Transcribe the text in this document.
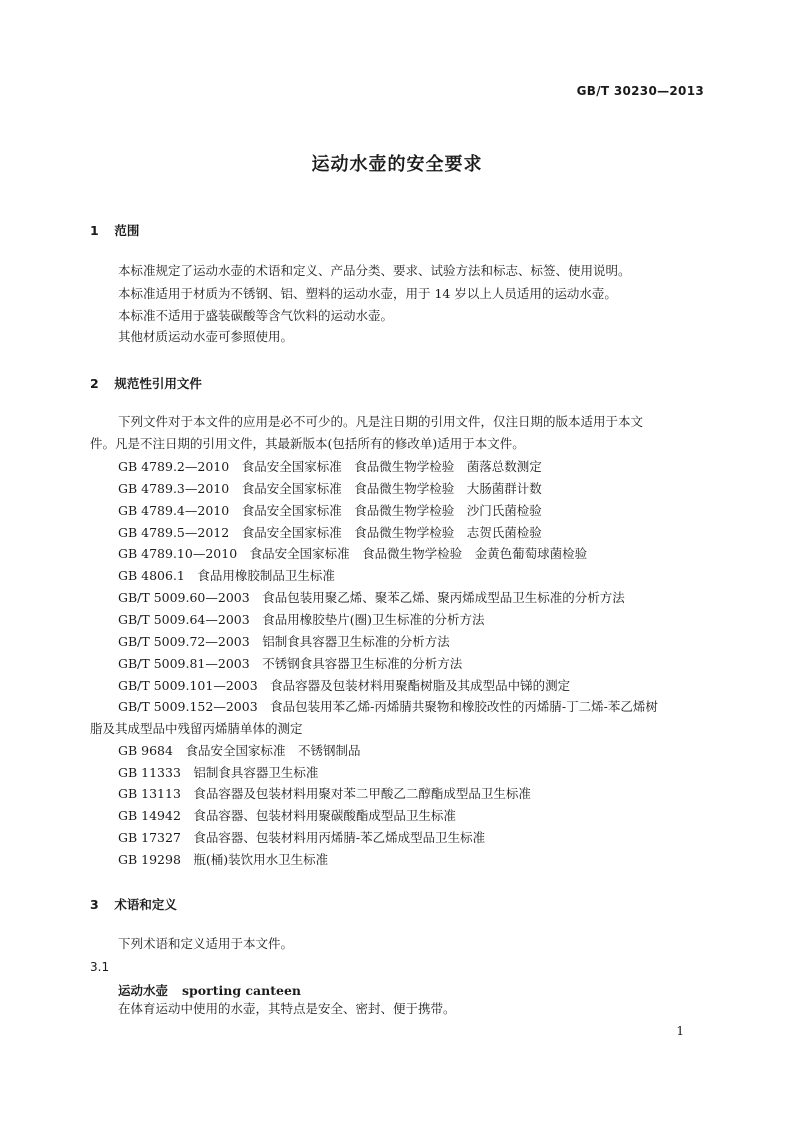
GB/T 30230—2013
运动水壶的安全要求
1 范围
本标准规定了运动水壶的术语和定义、产品分类、要求、试验方法和标志、标签、使用说明。
本标准适用于材质为不锈钢、铝、塑料的运动水壶，用于 14 岁以上人员适用的运动水壶。
本标准不适用于盛装碳酸等含气饮料的运动水壶。
其他材质运动水壶可参照使用。
2 规范性引用文件
下列文件对于本文件的应用是必不可少的。凡是注日期的引用文件，仅注日期的版本适用于本文
件。凡是不注日期的引用文件，其最新版本(包括所有的修改单)适用于本文件。
GB 4789.2—2010　食品安全国家标准　食品微生物学检验　菌落总数测定
GB 4789.3—2010　食品安全国家标准　食品微生物学检验　大肠菌群计数
GB 4789.4—2010　食品安全国家标准　食品微生物学检验　沙门氏菌检验
GB 4789.5—2012　食品安全国家标准　食品微生物学检验　志贺氏菌检验
GB 4789.10—2010　食品安全国家标准　食品微生物学检验　金黄色葡萄球菌检验
GB 4806.1　食品用橡胶制品卫生标准
GB/T 5009.60—2003　食品包装用聚乙烯、聚苯乙烯、聚丙烯成型品卫生标准的分析方法
GB/T 5009.64—2003　食品用橡胶垫片(圈)卫生标准的分析方法
GB/T 5009.72—2003　铝制食具容器卫生标准的分析方法
GB/T 5009.81—2003　不锈钢食具容器卫生标准的分析方法
GB/T 5009.101—2003　食品容器及包装材料用聚酯树脂及其成型品中锑的测定
GB/T 5009.152—2003　食品包装用苯乙烯-丙烯腈共聚物和橡胶改性的丙烯腈-丁二烯-苯乙烯树
脂及其成型品中残留丙烯腈单体的测定
GB 9684　食品安全国家标准　不锈钢制品
GB 11333　铝制食具容器卫生标准
GB 13113　食品容器及包装材料用聚对苯二甲酸乙二醇酯成型品卫生标准
GB 14942　食品容器、包装材料用聚碳酸酯成型品卫生标准
GB 17327　食品容器、包装材料用丙烯腈-苯乙烯成型品卫生标准
GB 19298　瓶(桶)装饮用水卫生标准
3 术语和定义
下列术语和定义适用于本文件。
3.1
运动水壶 sporting canteen
在体育运动中使用的水壶，其特点是安全、密封、便于携带。
1
